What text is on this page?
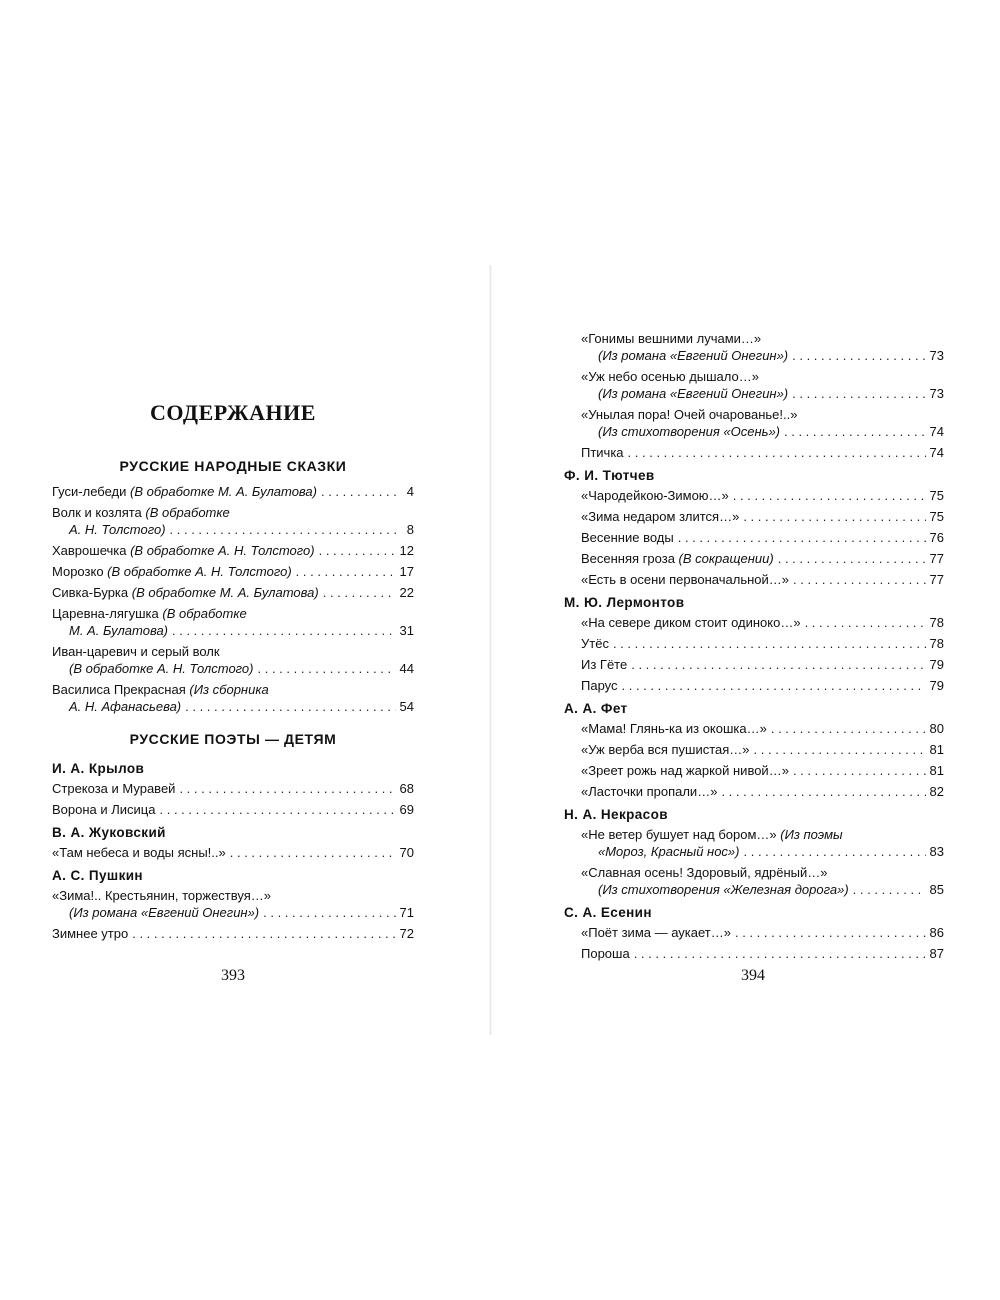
СОДЕРЖАНИЕ
РУССКИЕ НАРОДНЫЕ СКАЗКИ
Гуси-лебеди (В обработке М. А. Булатова) . . .	4
Волк и козлята (В обработке
А. Н. Толстого) . . .	8
Хаврошечка (В обработке А. Н. Толстого) . . .	12
Морозко (В обработке А. Н. Толстого) . . .	17
Сивка-Бурка (В обработке М. А. Булатова) . . .	22
Царевна-лягушка (В обработке
М. А. Булатова) . . .	31
Иван-царевич и серый волк
(В обработке А. Н. Толстого) . . .	44
Василиса Прекрасная (Из сборника
А. Н. Афанасьева) . . .	54
РУССКИЕ ПОЭТЫ — ДЕТЯМ
И. А. Крылов
Стрекоза и Муравей . . .	68
Ворона и Лисица . . .	69
В. А. Жуковский
«Там небеса и воды ясны!..» . . .	70
А. С. Пушкин
«Зима!.. Крестьянин, торжествуя…»
(Из романа «Евгений Онегин») . . .	71
Зимнее утро . . .	72
393
«Гонимы вешними лучами…»
(Из романа «Евгений Онегин») . . .	73
«Уж небо осенью дышало…»
(Из романа «Евгений Онегин») . . .	73
«Унылая пора! Очей очарованье!..»
(Из стихотворения «Осень») . . .	74
Птичка . . .	74
Ф. И. Тютчев
«Чародейкою-Зимою…» . . .	75
«Зима недаром злится…» . . .	75
Весенние воды . . .	76
Весенняя гроза (В сокращении) . . .	77
«Есть в осени первоначальной…» . . .	77
М. Ю. Лермонтов
«На севере диком стоит одиноко…» . . .	78
Утёс . . .	78
Из Гёте . . .	79
Парус . . .	79
А. А. Фет
«Мама! Глянь-ка из окошка…» . . .	80
«Уж верба вся пушистая…» . . .	81
«Зреет рожь над жаркой нивой…» . . .	81
«Ласточки пропали…» . . .	82
Н. А. Некрасов
«Не ветер бушует над бором…» (Из поэмы
«Мороз, Красный нос») . . .	83
«Славная осень! Здоровый, ядрёный…»
(Из стихотворения «Железная дорога») . . .	85
С. А. Есенин
«Поёт зима — аукает…» . . .	86
Пороша . . .	87
394
